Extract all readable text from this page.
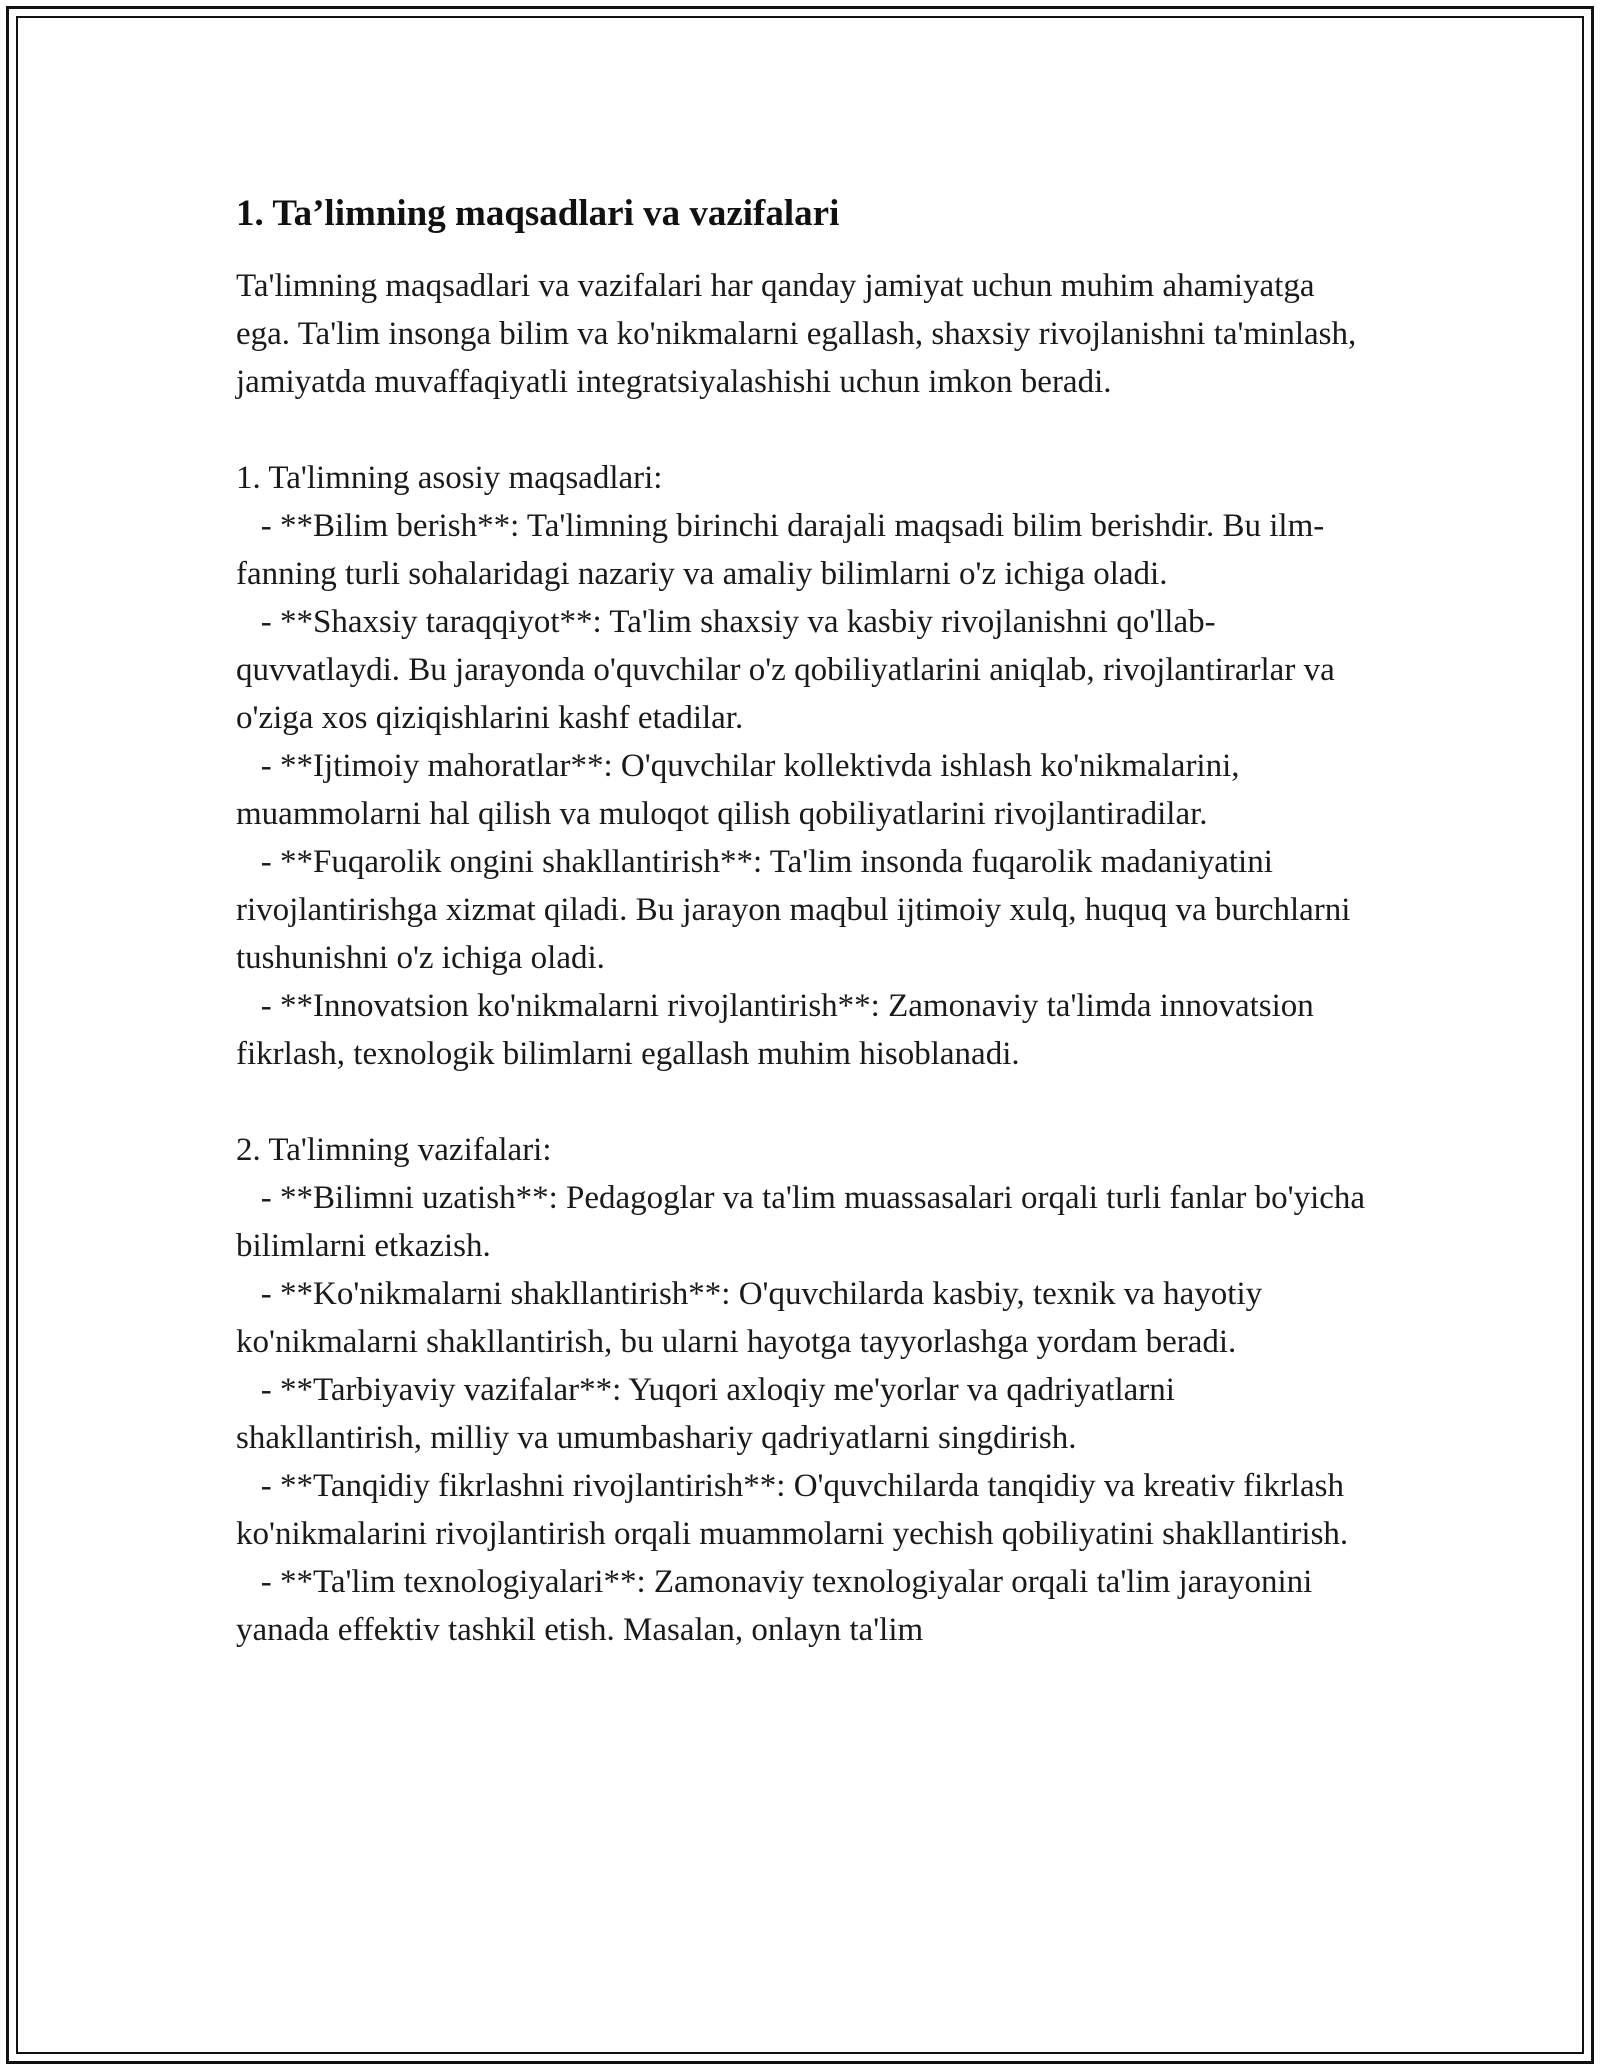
1. Ta’limning maqsadlari va vazifalari

Ta'limning maqsadlari va vazifalari har qanday jamiyat uchun muhim ahamiyatga ega. Ta'lim insonga bilim va ko'nikmalarni egallash, shaxsiy rivojlanishni ta'minlash, jamiyatda muvaffaqiyatli integratsiyalashishi uchun imkon beradi.

1. Ta'limning asosiy maqsadlari:

- **Bilim berish**: Ta'limning birinchi darajali maqsadi bilim berishdir. Bu ilm-fanning turli sohalaridagi nazariy va amaliy bilimlarni o'z ichiga oladi.

- **Shaxsiy taraqqiyot**: Ta'lim shaxsiy va kasbiy rivojlanishni qo'llab-quvvatlaydi. Bu jarayonda o'quvchilar o'z qobiliyatlarini aniqlab, rivojlantirarlar va o'ziga xos qiziqishlarini kashf etadilar.

- **Ijtimoiy mahoratlar**: O'quvchilar kollektivda ishlash ko'nikmalarini, muammolarni hal qilish va muloqot qilish qobiliyatlarini rivojlantiradilar.

- **Fuqarolik ongini shakllantirish**: Ta'lim insonda fuqarolik madaniyatini rivojlantirishga xizmat qiladi. Bu jarayon maqbul ijtimoiy xulq, huquq va burchlarni tushunishni o'z ichiga oladi.

- **Innovatsion ko'nikmalarni rivojlantirish**: Zamonaviy ta'limda innovatsion fikrlash, texnologik bilimlarni egallash muhim hisoblanadi.

2. Ta'limning vazifalari:

- **Bilimni uzatish**: Pedagoglar va ta'lim muassasalari orqali turli fanlar bo'yicha bilimlarni etkazish.

- **Ko'nikmalarni shakllantirish**: O'quvchilarda kasbiy, texnik va hayotiy ko'nikmalarni shakllantirish, bu ularni hayotga tayyorlashga yordam beradi.

- **Tarbiyaviy vazifalar**: Yuqori axloqiy me'yorlar va qadriyatlarni shakllantirish, milliy va umumbashariy qadriyatlarni singdirish.

- **Tanqidiy fikrlashni rivojlantirish**: O'quvchilarda tanqidiy va kreativ fikrlash ko'nikmalarini rivojlantirish orqali muammolarni yechish qobiliyatini shakllantirish.

- **Ta'lim texnologiyalari**: Zamonaviy texnologiyalar orqali ta'lim jarayonini yanada effektiv tashkil etish. Masalan, onlayn ta'lim
